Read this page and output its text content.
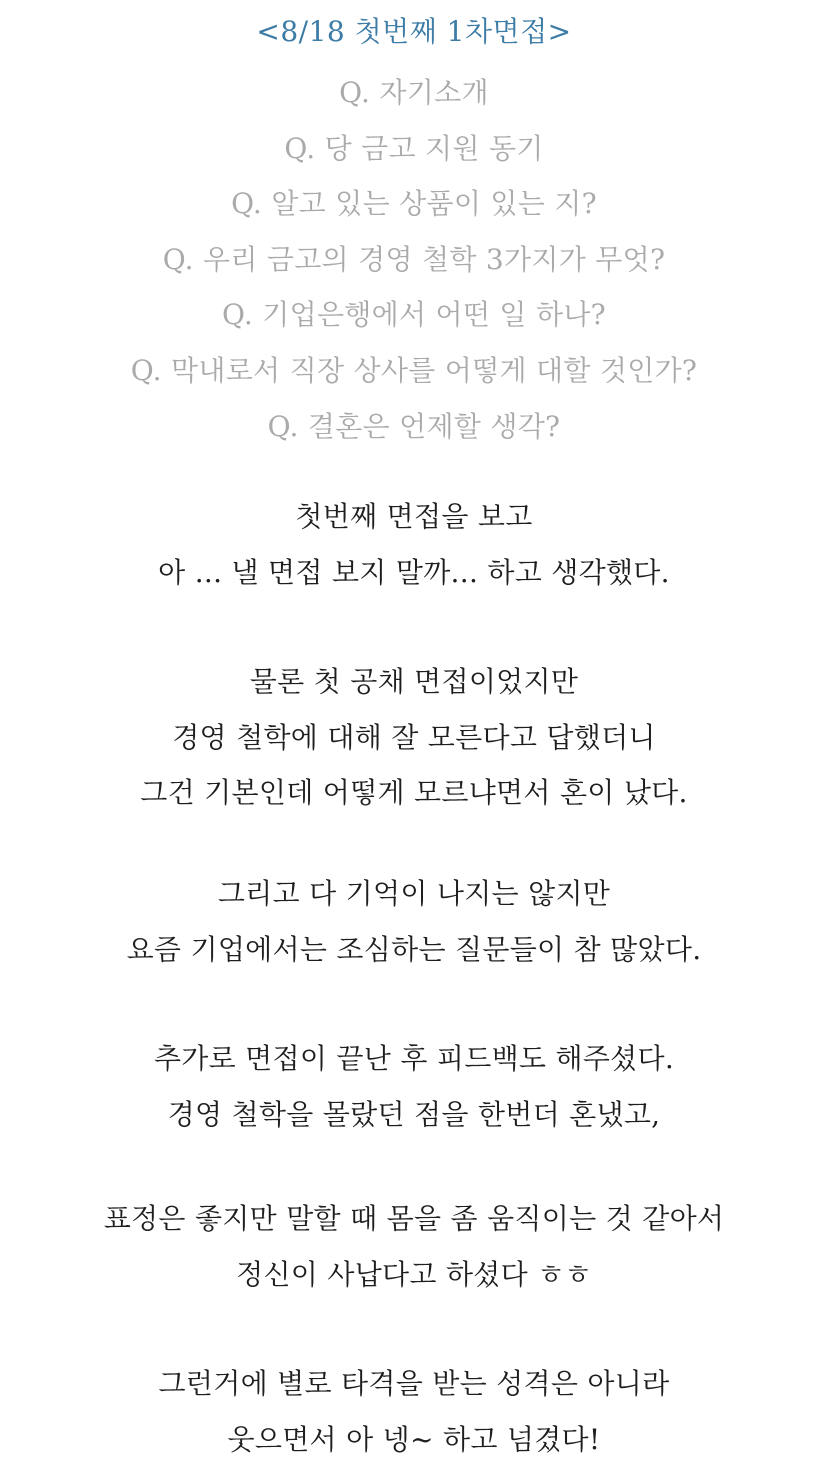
<8/18 첫번째 1차면접>
Q. 자기소개
Q. 당 금고 지원 동기
Q. 알고 있는 상품이 있는 지?
Q. 우리 금고의 경영 철학 3가지가 무엇?
Q. 기업은행에서 어떤 일 하나?
Q. 막내로서 직장 상사를 어떻게 대할 것인가?
Q. 결혼은 언제할 생각?

첫번째 면접을 보고
아 ... 낼 면접 보지 말까... 하고 생각했다.

물론 첫 공채 면접이었지만
경영 철학에 대해 잘 모른다고 답했더니
그건 기본인데 어떻게 모르냐면서 혼이 났다.

그리고 다 기억이 나지는 않지만
요즘 기업에서는 조심하는 질문들이 참 많았다.

추가로 면접이 끝난 후 피드백도 해주셨다.
경영 철학을 몰랐던 점을 한번더 혼냈고,

표정은 좋지만 말할 때 몸을 좀 움직이는 것 같아서
정신이 사납다고 하셨다 ㅎㅎ

그런거에 별로 타격을 받는 성격은 아니라
웃으면서 아 넹~ 하고 넘겼다!
